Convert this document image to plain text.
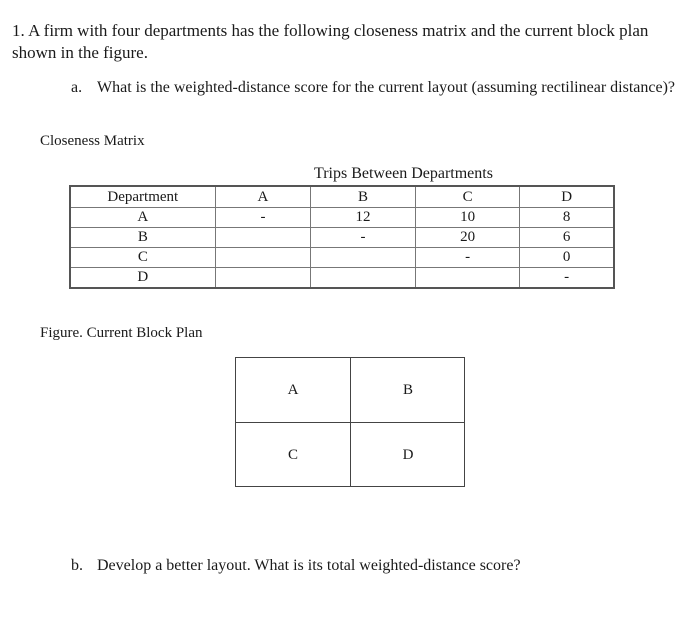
1. A firm with four departments has the following closeness matrix and the current block plan shown in the figure.
a. What is the weighted-distance score for the current layout (assuming rectilinear distance)?
Closeness Matrix
Trips Between Departments
Department	A	B	C	D
A	-	12	10	8
B		-	20	6
C			-	0
D				-
Figure. Current Block Plan
A	B
C	D
b. Develop a better layout. What is its total weighted-distance score?
